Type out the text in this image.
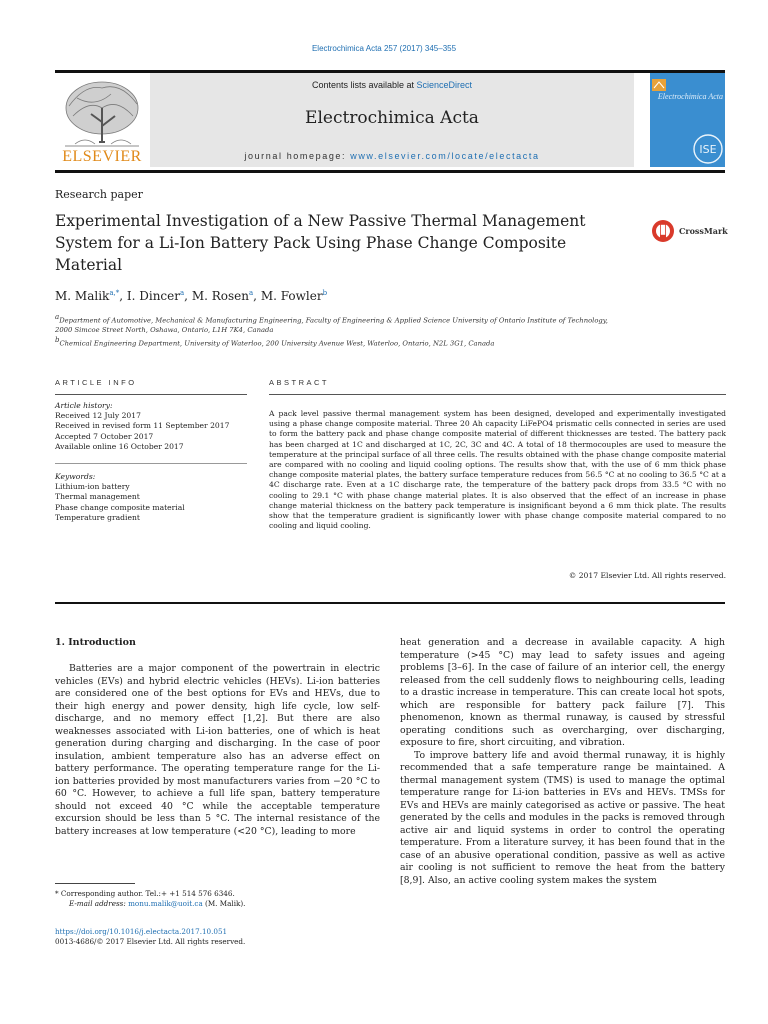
Electrochimica Acta 257 (2017) 345–355
ELSEVIER
Contents lists available at ScienceDirect
Electrochimica Acta
journal homepage: www.elsevier.com/locate/electacta
Electrochimica Acta
ISE
Research paper
Experimental Investigation of a New Passive Thermal Management System for a Li-Ion Battery Pack Using Phase Change Composite Material
CrossMark
M. Malik$^{a,*}$, I. Dincer$^a$, M. Rosen$^a$, M. Fowler$^b$
$^a$Department of Automotive, Mechanical & Manufacturing Engineering, Faculty of Engineering & Applied Science University of Ontario Institute of Technology, 2000 Simcoe Street North, Oshawa, Ontario, L1H 7K4, Canada
$^b$Chemical Engineering Department, University of Waterloo, 200 University Avenue West, Waterloo, Ontario, N2L 3G1, Canada
ARTICLE INFO
Article history:
Received 12 July 2017
Received in revised form 11 September 2017
Accepted 7 October 2017
Available online 16 October 2017
Keywords:
Lithium-ion battery
Thermal management
Phase change composite material
Temperature gradient
ABSTRACT
A pack level passive thermal management system has been designed, developed and experimentally investigated using a phase change composite material. Three 20 Ah capacity LiFePO4 prismatic cells connected in series are used to form the battery pack and phase change composite material of different thicknesses are tested. The battery pack has been charged at 1C and discharged at 1C, 2C, 3C and 4C. A total of 18 thermocouples are used to measure the temperature at the principal surface of all three cells. The results obtained with the phase change composite material are compared with no cooling and liquid cooling options. The results show that, with the use of 6 mm thick phase change composite material plates, the battery surface temperature reduces from 56.5 °C at no cooling to 36.5 °C at a 4C discharge rate. Even at a 1C discharge rate, the temperature of the battery pack drops from 33.5 °C with no cooling to 29.1 °C with phase change material plates. It is also observed that the effect of an increase in phase change material thickness on the battery pack temperature is insignificant beyond a 6 mm thick plate. The results show that the temperature gradient is significantly lower with phase change composite material compared to no cooling and liquid cooling.
© 2017 Elsevier Ltd. All rights reserved.
1. Introduction

Batteries are a major component of the powertrain in electric vehicles (EVs) and hybrid electric vehicles (HEVs). Li-ion batteries are considered one of the best options for EVs and HEVs, due to their high energy and power density, high life cycle, low self-discharge, and no memory effect [1,2]. But there are also weaknesses associated with Li-ion batteries, one of which is heat generation during charging and discharging. In the case of poor insulation, ambient temperature also has an adverse effect on battery performance. The operating temperature range for the Li-ion batteries provided by most manufacturers varies from −20 °C to 60 °C. However, to achieve a full life span, battery temperature should not exceed 40 °C while the acceptable temperature excursion should be less than 5 °C. The internal resistance of the battery increases at low temperature (<20 °C), leading to more

heat generation and a decrease in available capacity. A high temperature (>45 °C) may lead to safety issues and ageing problems [3–6]. In the case of failure of an interior cell, the energy released from the cell suddenly flows to neighbouring cells, leading to a drastic increase in temperature. This can create local hot spots, which are responsible for battery pack failure [7]. This phenomenon, known as thermal runaway, is caused by stressful operating conditions such as overcharging, over discharging, exposure to fire, short circuiting, and vibration.

To improve battery life and avoid thermal runaway, it is highly recommended that a safe temperature range be maintained. A thermal management system (TMS) is used to manage the optimal temperature range for Li-ion batteries in EVs and HEVs. TMSs for EVs and HEVs are mainly categorised as active or passive. The heat generated by the cells and modules in the packs is removed through active air and liquid systems in order to control the operating temperature. From a literature survey, it has been found that in the case of an abusive operational condition, passive as well as active air cooling is not sufficient to remove the heat from the battery [8,9]. Also, an active cooling system makes the system

* Corresponding author. Tel.:+ +1 514 576 6346.
E-mail address: monu.malik@uoit.ca (M. Malik).
https://doi.org/10.1016/j.electacta.2017.10.051
0013-4686/© 2017 Elsevier Ltd. All rights reserved.
